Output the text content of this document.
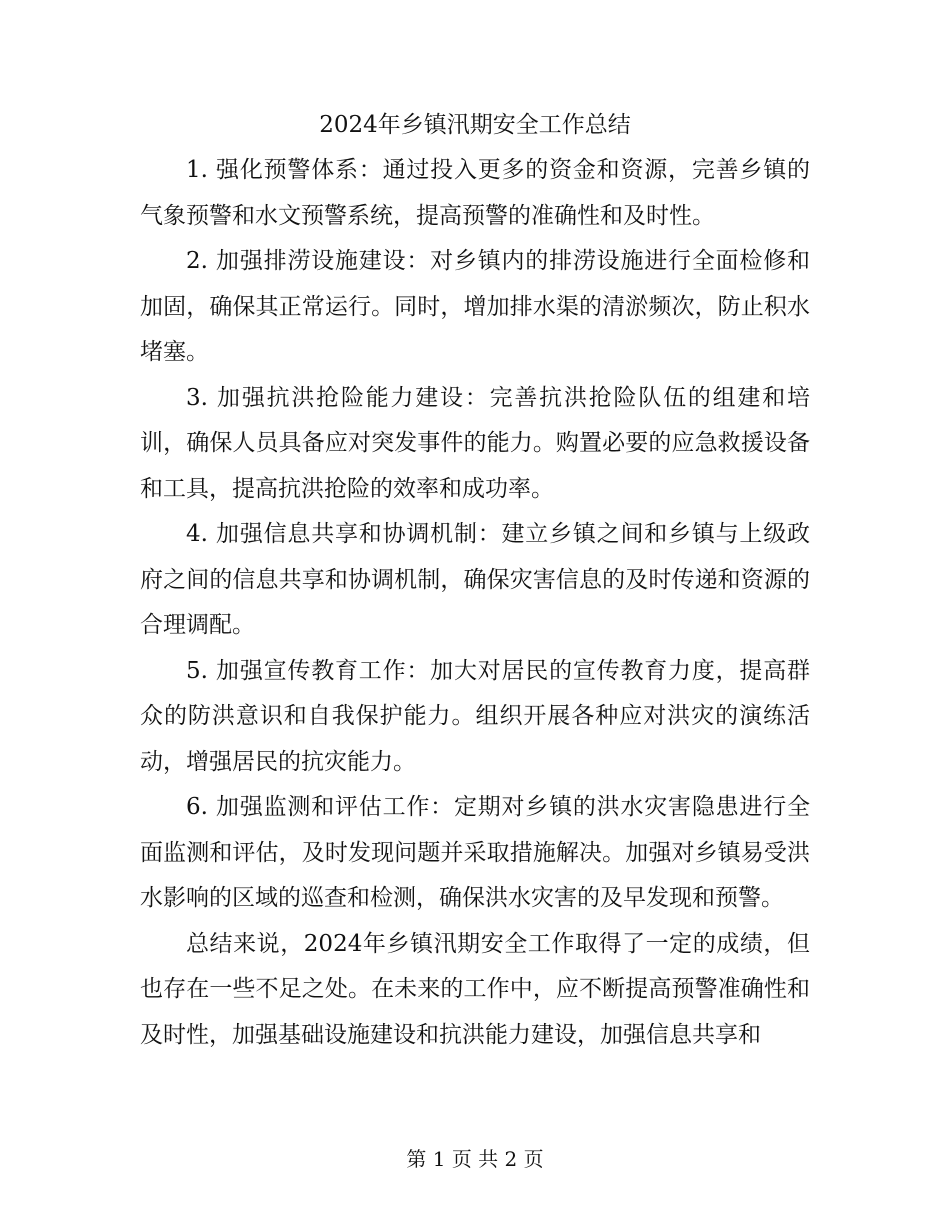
2024年乡镇汛期安全工作总结

1. 强化预警体系：通过投入更多的资金和资源，完善乡镇的气象预警和水文预警系统，提高预警的准确性和及时性。

2. 加强排涝设施建设：对乡镇内的排涝设施进行全面检修和加固，确保其正常运行。同时，增加排水渠的清淤频次，防止积水堵塞。

3. 加强抗洪抢险能力建设：完善抗洪抢险队伍的组建和培训，确保人员具备应对突发事件的能力。购置必要的应急救援设备和工具，提高抗洪抢险的效率和成功率。

4. 加强信息共享和协调机制：建立乡镇之间和乡镇与上级政府之间的信息共享和协调机制，确保灾害信息的及时传递和资源的合理调配。

5. 加强宣传教育工作：加大对居民的宣传教育力度，提高群众的防洪意识和自我保护能力。组织开展各种应对洪灾的演练活动，增强居民的抗灾能力。

6. 加强监测和评估工作：定期对乡镇的洪水灾害隐患进行全面监测和评估，及时发现问题并采取措施解决。加强对乡镇易受洪水影响的区域的巡查和检测，确保洪水灾害的及早发现和预警。

总结来说，2024年乡镇汛期安全工作取得了一定的成绩，但也存在一些不足之处。在未来的工作中，应不断提高预警准确性和及时性，加强基础设施建设和抗洪能力建设，加强信息共享和

第 1 页 共 2 页
